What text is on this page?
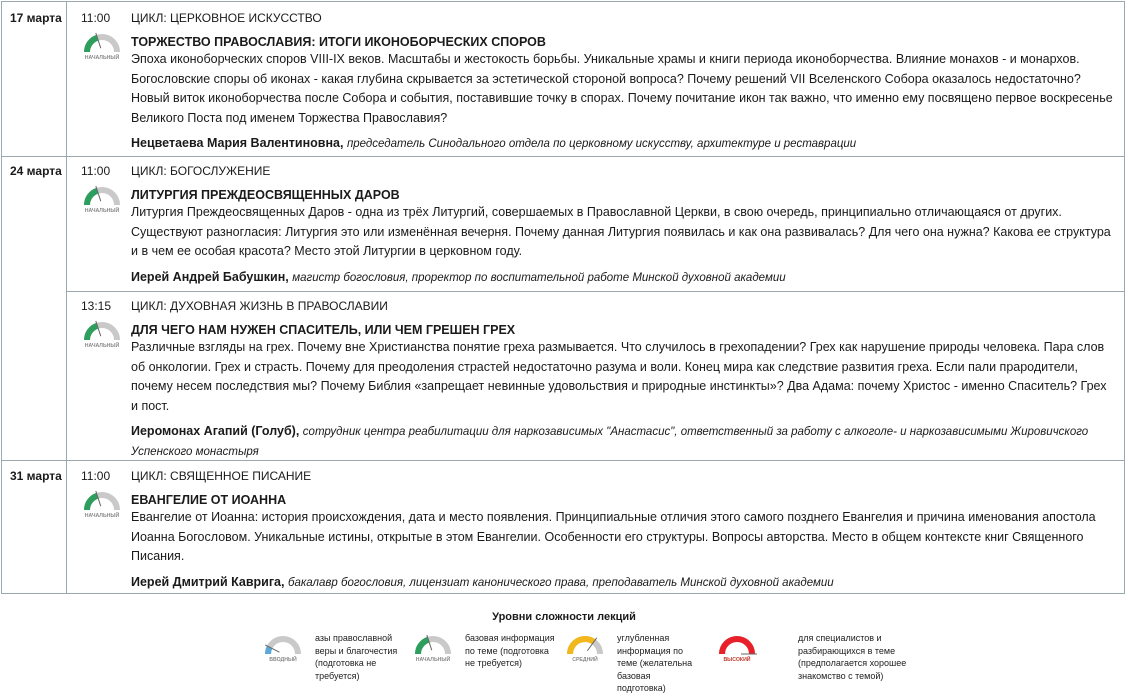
17 марта 11:00
НАЧАЛЬНЫЙ
ЦИКЛ: ЦЕРКОВНОЕ ИСКУССТВО
ТОРЖЕСТВО ПРАВОСЛАВИЯ: ИТОГИ ИКОНОБОРЧЕСКИХ СПОРОВ
Эпоха иконоборческих споров VIII-IX веков. Масштабы и жестокость борьбы. Уникальные храмы и книги периода иконоборчества. Влияние монахов - и монархов. Богословские споры об иконах - какая глубина скрывается за эстетической стороной вопроса? Почему решений VII Вселенского Собора оказалось недостаточно? Новый виток иконоборчества после Собора и события, поставившие точку в спорах. Почему почитание икон так важно, что именно ему посвящено первое воскресенье Великого Поста под именем Торжества Православия?
Нецветаева Мария Валентиновна, председатель Синодального отдела по церковному искусству, архитектуре и реставрации
24 марта 11:00
НАЧАЛЬНЫЙ
ЦИКЛ: БОГОСЛУЖЕНИЕ
ЛИТУРГИЯ ПРЕЖДЕОСВЯЩЕННЫХ ДАРОВ
Литургия Преждеосвященных Даров - одна из трёх Литургий, совершаемых в Православной Церкви, в свою очередь, принципиально отличающаяся от других. Существуют разногласия: Литургия это или изменённая вечерня. Почему данная Литургия появилась и как она развивалась? Для чего она нужна? Какова ее структура и в чем ее особая красота? Место этой Литургии в церковном году.
Иерей Андрей Бабушкин, магистр богословия, проректор по воспитательной работе Минской духовной академии
13:15
НАЧАЛЬНЫЙ
ЦИКЛ: ДУХОВНАЯ ЖИЗНЬ В ПРАВОСЛАВИИ
ДЛЯ ЧЕГО НАМ НУЖЕН СПАСИТЕЛЬ, ИЛИ ЧЕМ ГРЕШЕН ГРЕХ
Различные взгляды на грех. Почему вне Христианства понятие греха размывается. Что случилось в грехопадении? Грех как нарушение природы человека. Пара слов об онкологии. Грех и страсть. Почему для преодоления страстей недостаточно разума и воли. Конец мира как следствие развития греха. Если пали прародители, почему несем последствия мы? Почему Библия «запрещает невинные удовольствия и природные инстинкты»? Два Адама: почему Христос - именно Спаситель? Грех и пост.
Иеромонах Агапий (Голуб), сотрудник центра реабилитации для наркозависимых "Анастасис", ответственный за работу с алкоголе- и наркозависимыми Жировичского Успенского монастыря
31 марта 11:00
НАЧАЛЬНЫЙ
ЦИКЛ: СВЯЩЕННОЕ ПИСАНИЕ
ЕВАНГЕЛИЕ ОТ ИОАННА
Евангелие от Иоанна: история происхождения, дата и место появления. Принципиальные отличия этого самого позднего Евангелия и причина именования апостола Иоанна Богословом. Уникальные истины, открытые в этом Евангелии. Особенности его структуры. Вопросы авторства. Место в общем контексте книг Священного Писания.
Иерей Дмитрий Каврига, бакалавр богословия, лицензиат канонического права, преподаватель Минской духовной академии
Уровни сложности лекций
ВВОДНЫЙ
азы православной веры и благочестия (подготовка не требуется)
НАЧАЛЬНЫЙ
базовая информация по теме (подготовка не требуется)	СРЕДНИЙ
углубленная информация по теме (желательна базовая подготовка)
ВЫСОКИЙ
для специалистов и разбирающихся в теме (предполагается хорошее знакомство с темой)
